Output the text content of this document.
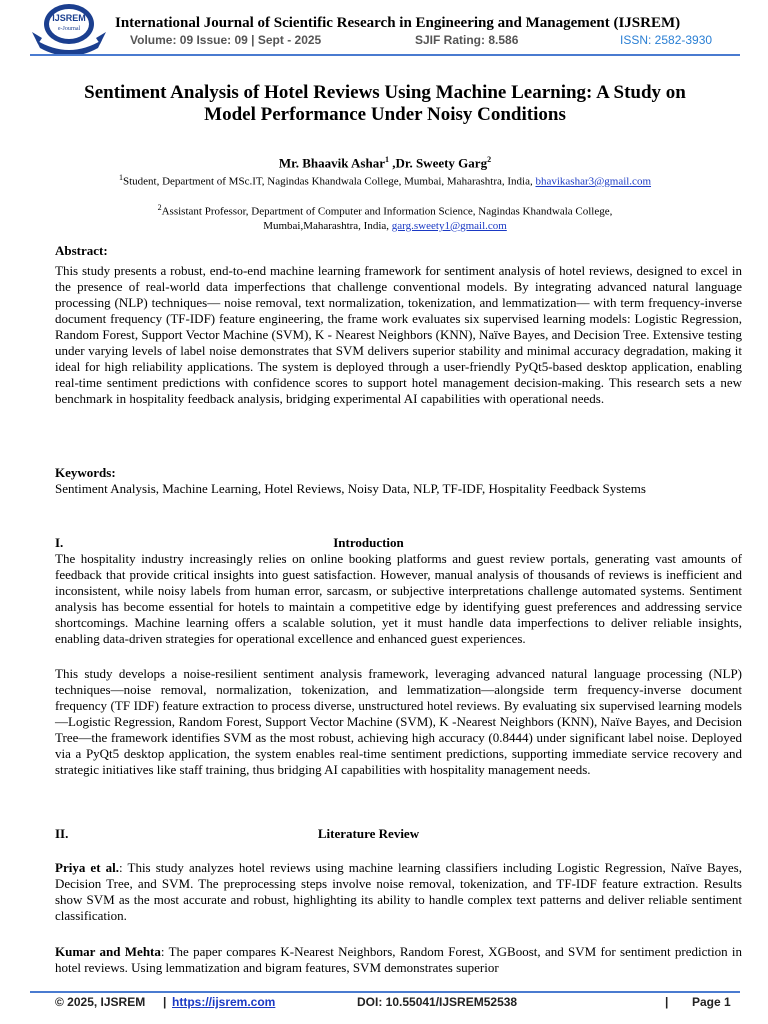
IJSREM
e-Journal International Journal of Scientific Research in Engineering and Management (IJSREM)
Volume: 09 Issue: 09 | Sept - 2025	SJIF Rating: 8.586	ISSN: 2582-3930
Sentiment Analysis of Hotel Reviews Using Machine Learning: A Study on
Model Performance Under Noisy Conditions
Mr. Bhaavik Ashar$^1$ ,Dr. Sweety Garg$^2$
$^1$Student, Department of MSc.IT, Nagindas Khandwala College, Mumbai, Maharashtra, India, bhavikashar3@gmail.com
$^2$Assistant Professor, Department of Computer and Information Science, Nagindas Khandwala College,
Mumbai,Maharashtra, India, garg.sweety1@gmail.com
Abstract:
This study presents a robust, end-to-end machine learning framework for sentiment analysis of hotel reviews, designed to excel in the presence of real-world data imperfections that challenge conventional models. By integrating advanced natural language processing (NLP) techniques— noise removal, text normalization, tokenization, and lemmatization— with term frequency-inverse document frequency (TF-IDF) feature engineering, the frame work evaluates six supervised learning models: Logistic Regression, Random Forest, Support Vector Machine (SVM), K - Nearest Neighbors (KNN), Naïve Bayes, and Decision Tree. Extensive testing under varying levels of label noise demonstrates that SVM delivers superior stability and minimal accuracy degradation, making it ideal for high reliability applications. The system is deployed through a user-friendly PyQt5-based desktop application, enabling real-time sentiment predictions with confidence scores to support hotel management decision-making. This research sets a new benchmark in hospitality feedback analysis, bridging experimental AI capabilities with operational needs.
Keywords:
Sentiment Analysis, Machine Learning, Hotel Reviews, Noisy Data, NLP, TF-IDF, Hospitality Feedback Systems
I.	Introduction
The hospitality industry increasingly relies on online booking platforms and guest review portals, generating vast amounts of feedback that provide critical insights into guest satisfaction. However, manual analysis of thousands of reviews is inefficient and inconsistent, while noisy labels from human error, sarcasm, or subjective interpretations challenge automated systems. Sentiment analysis has become essential for hotels to maintain a competitive edge by identifying guest preferences and addressing service shortcomings. Machine learning offers a scalable solution, yet it must handle data imperfections to deliver reliable insights, enabling data-driven strategies for operational excellence and enhanced guest experiences.
This study develops a noise-resilient sentiment analysis framework, leveraging advanced natural language processing (NLP) techniques—noise removal, normalization, tokenization, and lemmatization—alongside term frequency-inverse document frequency (TF IDF) feature extraction to process diverse, unstructured hotel reviews. By evaluating six supervised learning models—Logistic Regression, Random Forest, Support Vector Machine (SVM), K -Nearest Neighbors (KNN), Naïve Bayes, and Decision Tree—the framework identifies SVM as the most robust, achieving high accuracy (0.8444) under significant label noise. Deployed via a PyQt5 desktop application, the system enables real-time sentiment predictions, supporting immediate service recovery and strategic initiatives like staff training, thus bridging AI capabilities with hospitality management needs.
II.	Literature Review
Priya et al.: This study analyzes hotel reviews using machine learning classifiers including Logistic Regression, Naïve Bayes, Decision Tree, and SVM. The preprocessing steps involve noise removal, tokenization, and TF-IDF feature extraction. Results show SVM as the most accurate and robust, highlighting its ability to handle complex text patterns and deliver reliable sentiment classification.
Kumar and Mehta: The paper compares K-Nearest Neighbors, Random Forest, XGBoost, and SVM for sentiment prediction in hotel reviews. Using lemmatization and bigram features, SVM demonstrates superior
© 2025, IJSREM | https://ijsrem.com	DOI: 10.55041/IJSREM52538	| Page 1
